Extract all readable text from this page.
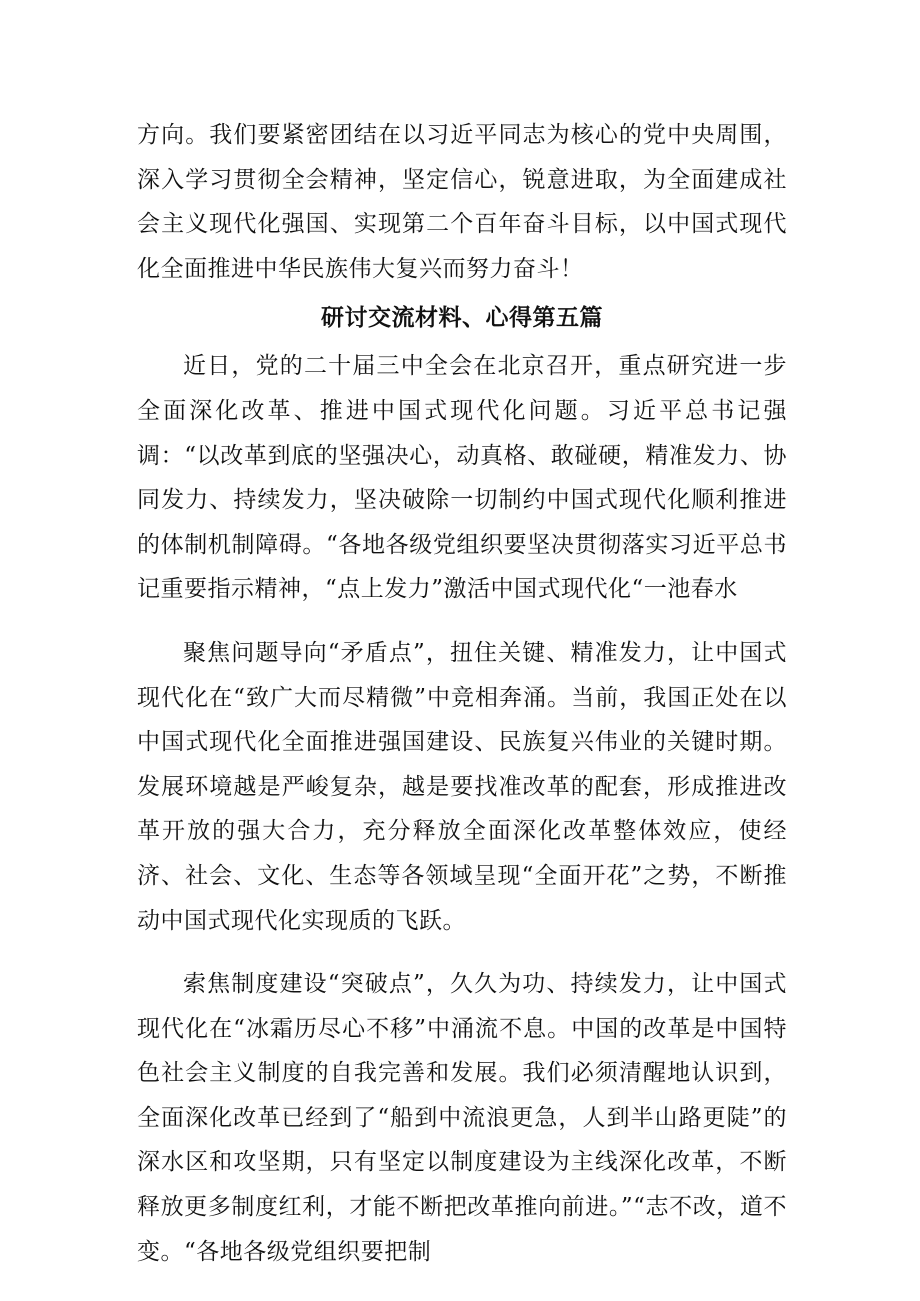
方向。我们要紧密团结在以习近平同志为核心的党中央周围，深入学习贯彻全会精神，坚定信心，锐意进取，为全面建成社会主义现代化强国、实现第二个百年奋斗目标，以中国式现代化全面推进中华民族伟大复兴而努力奋斗！

研讨交流材料、心得第五篇

近日，党的二十届三中全会在北京召开，重点研究进一步全面深化改革、推进中国式现代化问题。习近平总书记强调：“以改革到底的坚强决心，动真格、敢碰硬，精准发力、协同发力、持续发力，坚决破除一切制约中国式现代化顺利推进的体制机制障碍。“各地各级党组织要坚决贯彻落实习近平总书记重要指示精神，“点上发力”激活中国式现代化“一池春水

聚焦问题导向“矛盾点”，扭住关键、精准发力，让中国式现代化在“致广大而尽精微”中竞相奔涌。当前，我国正处在以中国式现代化全面推进强国建设、民族复兴伟业的关键时期。发展环境越是严峻复杂，越是要找准改革的配套，形成推进改革开放的强大合力，充分释放全面深化改革整体效应，使经济、社会、文化、生态等各领域呈现“全面开花”之势，不断推动中国式现代化实现质的飞跃。

索焦制度建设“突破点”，久久为功、持续发力，让中国式现代化在“冰霜历尽心不移”中涌流不息。中国的改革是中国特色社会主义制度的自我完善和发展。我们必须清醒地认识到，全面深化改革已经到了“船到中流浪更急，人到半山路更陡”的深水区和攻坚期，只有坚定以制度建设为主线深化改革，不断释放更多制度红利，才能不断把改革推向前进。”“志不改，道不变。“各地各级党组织要把制
